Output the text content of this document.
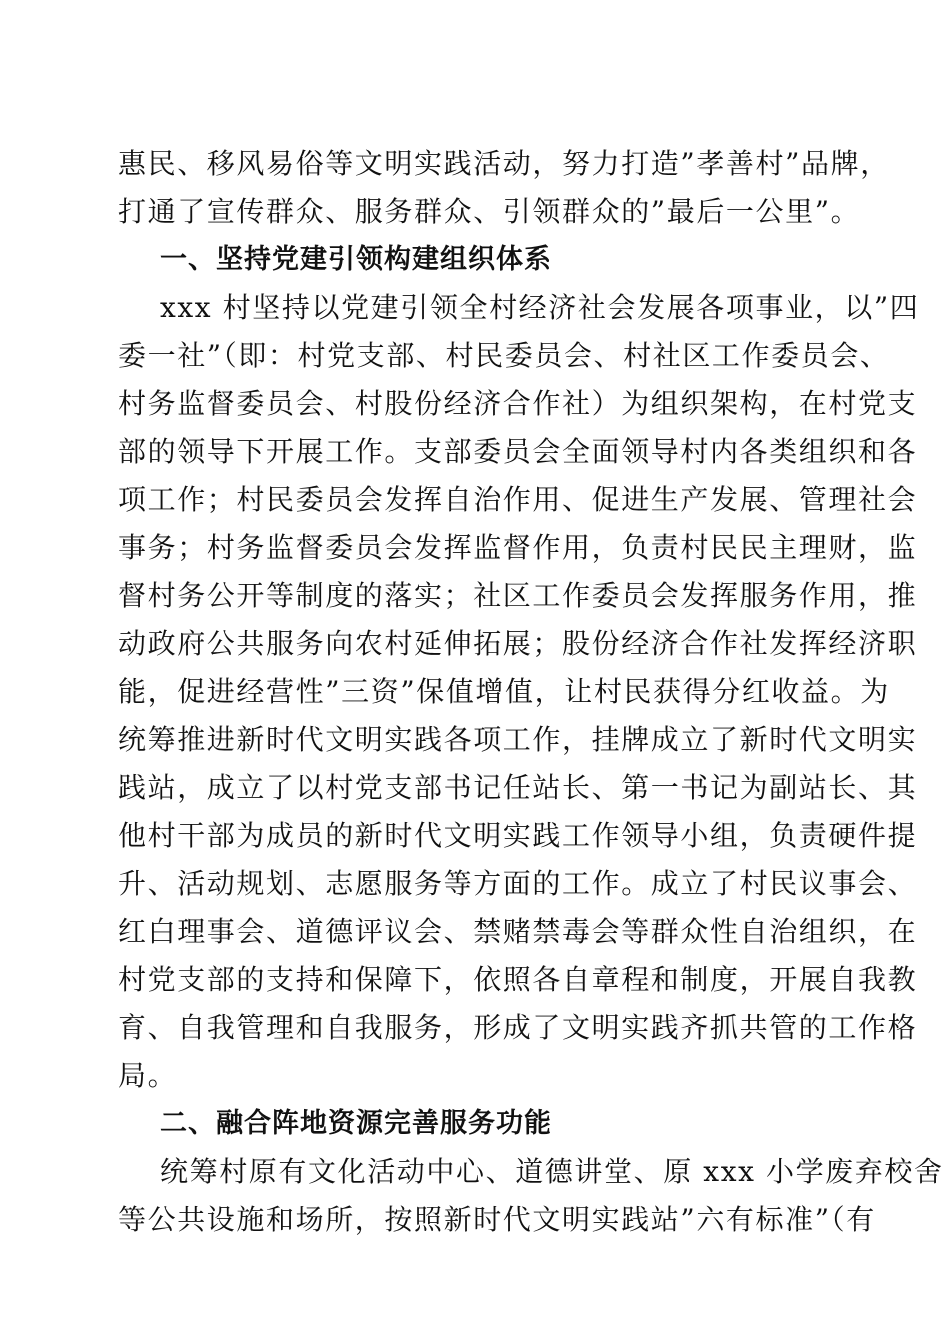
惠民、移风易俗等文明实践活动，努力打造”孝善村”品牌，
打通了宣传群众、服务群众、引领群众的”最后一公里”。
一、坚持党建引领构建组织体系
xxx 村坚持以党建引领全村经济社会发展各项事业，以”四
委一社”（即：村党支部、村民委员会、村社区工作委员会、
村务监督委员会、村股份经济合作社）为组织架构，在村党支
部的领导下开展工作。支部委员会全面领导村内各类组织和各
项工作；村民委员会发挥自治作用、促进生产发展、管理社会
事务；村务监督委员会发挥监督作用，负责村民民主理财，监
督村务公开等制度的落实；社区工作委员会发挥服务作用，推
动政府公共服务向农村延伸拓展；股份经济合作社发挥经济职
能，促进经营性”三资”保值增值，让村民获得分红收益。为
统筹推进新时代文明实践各项工作，挂牌成立了新时代文明实
践站，成立了以村党支部书记任站长、第一书记为副站长、其
他村干部为成员的新时代文明实践工作领导小组，负责硬件提
升、活动规划、志愿服务等方面的工作。成立了村民议事会、
红白理事会、道德评议会、禁赌禁毒会等群众性自治组织，在
村党支部的支持和保障下，依照各自章程和制度，开展自我教
育、自我管理和自我服务，形成了文明实践齐抓共管的工作格
局。
二、融合阵地资源完善服务功能
统筹村原有文化活动中心、道德讲堂、原 xxx 小学废弃校舍
等公共设施和场所，按照新时代文明实践站”六有标准”（有
